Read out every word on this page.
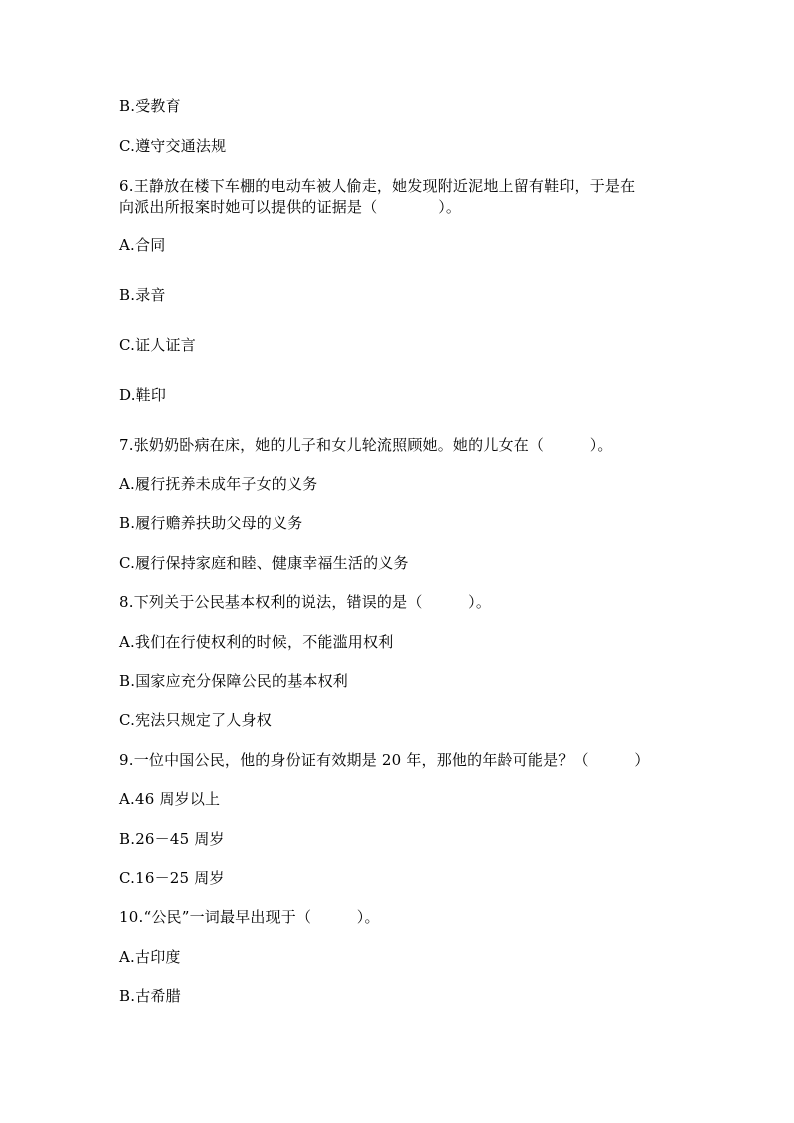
B.受教育
C.遵守交通法规
6.王静放在楼下车棚的电动车被人偷走，她发现附近泥地上留有鞋印，于是在
向派出所报案时她可以提供的证据是（　　　　）。
A.合同
B.录音
C.证人证言
D.鞋印
7.张奶奶卧病在床，她的儿子和女儿轮流照顾她。她的儿女在（　　　）。
A.履行抚养未成年子女的义务
B.履行赡养扶助父母的义务
C.履行保持家庭和睦、健康幸福生活的义务
8.下列关于公民基本权利的说法，错误的是（　　　）。
A.我们在行使权利的时候，不能滥用权利
B.国家应充分保障公民的基本权利
C.宪法只规定了人身权
9.一位中国公民，他的身份证有效期是 20 年，那他的年龄可能是？（　　　）
A.46 周岁以上
B.26－45 周岁
C.16－25 周岁
10.“公民”一词最早出现于（　　　）。
A.古印度
B.古希腊
